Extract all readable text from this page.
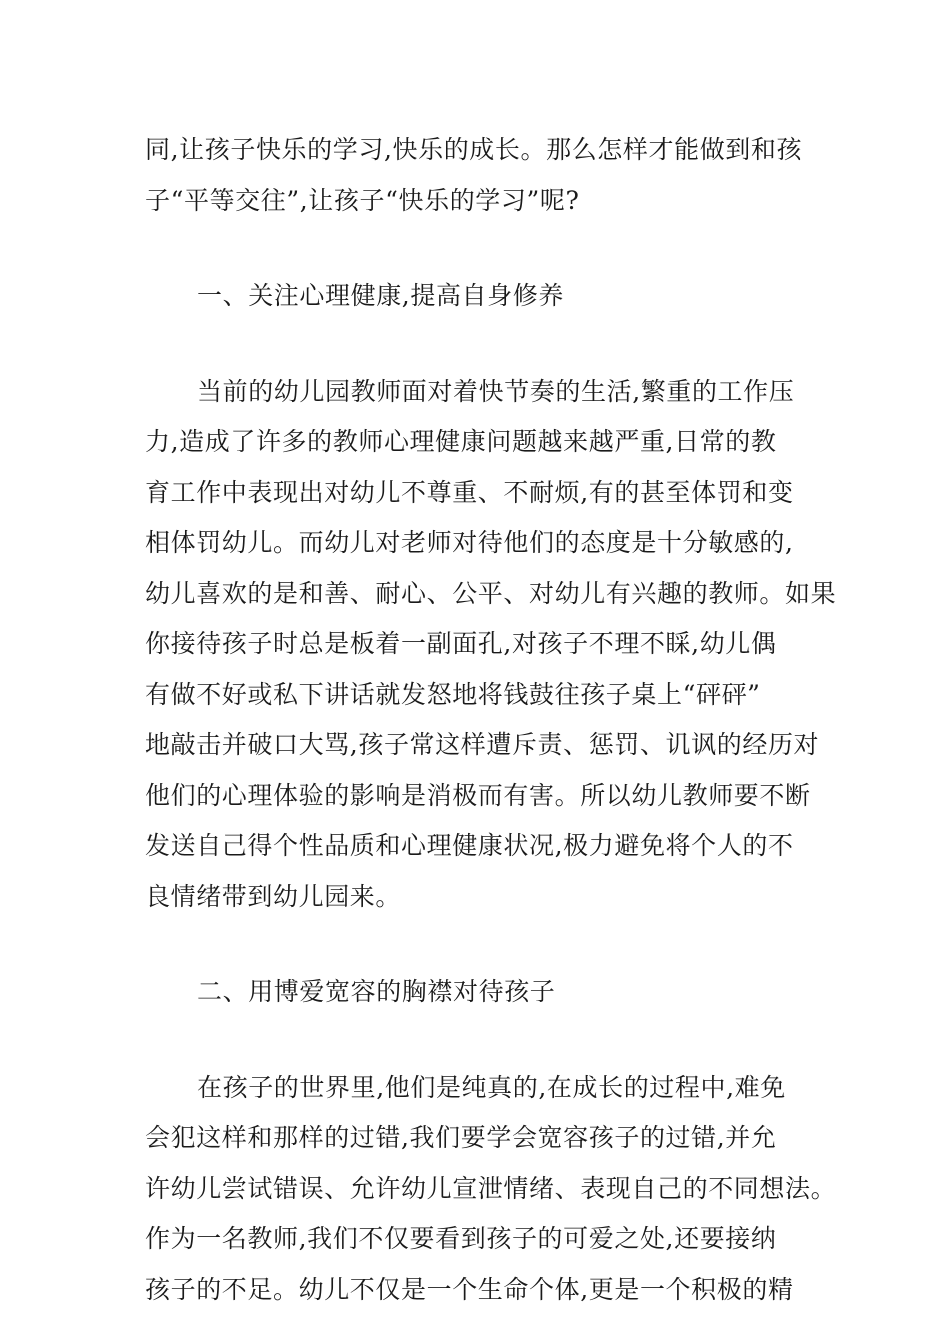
同,让孩子快乐的学习,快乐的成长。那么怎样才能做到和孩
子“平等交往”,让孩子“快乐的学习”呢?
一、关注心理健康,提高自身修养
当前的幼儿园教师面对着快节奏的生活,繁重的工作压
力,造成了许多的教师心理健康问题越来越严重,日常的教
育工作中表现出对幼儿不尊重、不耐烦,有的甚至体罚和变
相体罚幼儿。而幼儿对老师对待他们的态度是十分敏感的,
幼儿喜欢的是和善、耐心、公平、对幼儿有兴趣的教师。如果
你接待孩子时总是板着一副面孔,对孩子不理不睬,幼儿偶
有做不好或私下讲话就发怒地将钱鼓往孩子桌上“砰砰”
地敲击并破口大骂,孩子常这样遭斥责、惩罚、讥讽的经历对
他们的心理体验的影响是消极而有害。所以幼儿教师要不断
发送自己得个性品质和心理健康状况,极力避免将个人的不
良情绪带到幼儿园来。
二、用博爱宽容的胸襟对待孩子
在孩子的世界里,他们是纯真的,在成长的过程中,难免
会犯这样和那样的过错,我们要学会宽容孩子的过错,并允
许幼儿尝试错误、允许幼儿宣泄情绪、表现自己的不同想法。
作为一名教师,我们不仅要看到孩子的可爱之处,还要接纳
孩子的不足。幼儿不仅是一个生命个体,更是一个积极的精
